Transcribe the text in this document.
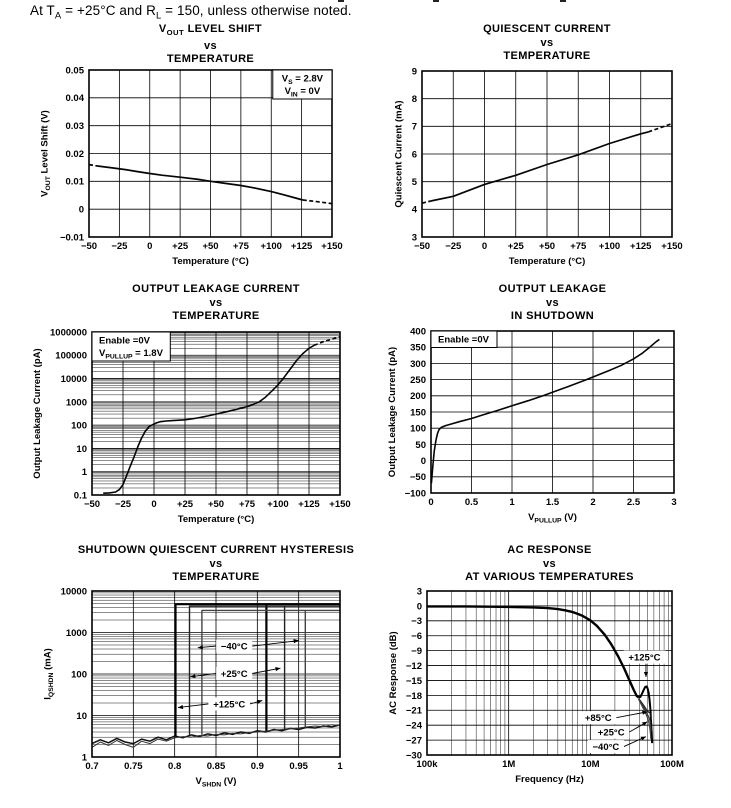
At $T_A = +25^\circ C$ and $R_L = 150$, unless otherwise noted.
$V_{OUT}$ LEVEL SHIFT
vs
TEMPERATURE
$V_S = 2.8V$
$V_{IN} = 0V$
−50 −25 0 +25 +50 +75 +100 +125 +150
−0.01
0
0.01
0.02
0.03
0.04
0.05
Temperature (°C)
$V_{OUT}$ Level Shift (V)
QUIESCENT CURRENT
vs
TEMPERATURE
−50 −25 0 +25 +50 +75 +100 +125 +150
3
4
5
6
7
8
9
Temperature (°C)
Quiescent Current (mA)
OUTPUT LEAKAGE CURRENT
vs
TEMPERATURE
Enable =0V
$V_{PULLUP} = 1.8V$
−50 −25 0 +25 +50 +75 +100 +125 +150
0.1
1
10
100
1000
10000
100000
1000000
Temperature (°C)
Output Leakage Current (pA)
OUTPUT LEAKAGE
vs
IN SHUTDOWN
Enable =0V
0	0.5	1	1.5	2	2.5	3
−100
−50
0
50
100
150
200
250
300
350
400
$V_{PULLUP}$ (V)
Output Leakage Current (pA)
SHUTDOWN QUIESCENT CURRENT HYSTERESIS
vs
TEMPERATURE
0.7	0.75	0.8	0.85	0.9	0.95	1
1
10
100
1000
10000
$V_{SHDN}$ (V)
$I_{QSHDN}$ (mA)
−40°C
+25°C
+125°C
AC RESPONSE
vs
AT VARIOUS TEMPERATURES
100k	1M	10M	100M
3
0
−3
−6
−9
−12
−15
−18
−21
−24
−27
−30
Frequency (Hz)
AC Response (dB)	+125°C
+85°C
+25°C
−40°C
